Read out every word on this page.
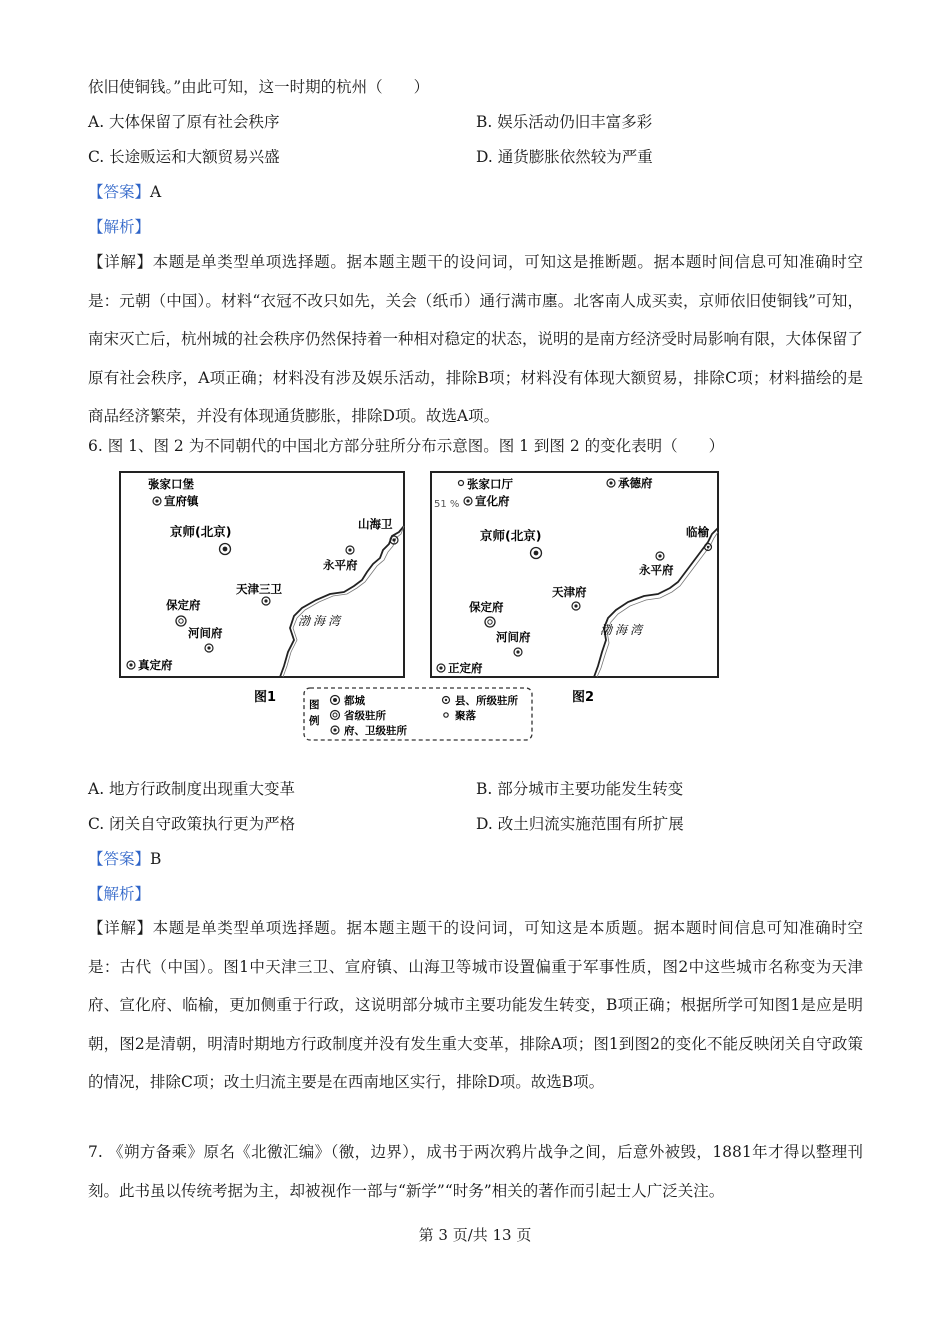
依旧使铜钱。”由此可知，这一时期的杭州（　　）
A. 大体保留了原有社会秩序	B. 娱乐活动仍旧丰富多彩
C. 长途贩运和大额贸易兴盛	D. 通货膨胀依然较为严重
【答案】A
【解析】
【详解】本题是单类型单项选择题。据本题主题干的设问词，可知这是推断题。据本题时间信息可知准确时空是：元朝（中国）。材料“衣冠不改只如先，关会（纸币）通行满市廛。北客南人成买卖，京师依旧使铜钱”可知，南宋灭亡后，杭州城的社会秩序仍然保持着一种相对稳定的状态，说明的是南方经济受时局影响有限，大体保留了原有社会秩序，A项正确；材料没有涉及娱乐活动，排除B项；材料没有体现大额贸易，排除C项；材料描绘的是商品经济繁荣，并没有体现通货膨胀，排除D项。故选A项。
6. 图 1、图 2 为不同朝代的中国北方部分驻所分布示意图。图 1 到图 2 的变化表明（　　）
张家口堡
宣府镇
京师(北京)	山海卫
永平府
天津三卫
保定府
河间府
真定府
渤海湾
51 %
张家口厅
宣化府
承德府
京师(北京)	临榆
永平府
天津府
保定府
河间府
正定府
渤海湾
图1	图2
图
例
都城
省级驻所
府、卫级驻所
县、所级驻所
聚落
A. 地方行政制度出现重大变革	B. 部分城市主要功能发生转变
C. 闭关自守政策执行更为严格	D. 改土归流实施范围有所扩展
【答案】B
【解析】
【详解】本题是单类型单项选择题。据本题主题干的设问词，可知这是本质题。据本题时间信息可知准确时空是：古代（中国）。图1中天津三卫、宣府镇、山海卫等城市设置偏重于军事性质，图2中这些城市名称变为天津府、宣化府、临榆，更加侧重于行政，这说明部分城市主要功能发生转变，B项正确；根据所学可知图1是应是明朝，图2是清朝，明清时期地方行政制度并没有发生重大变革，排除A项；图1到图2的变化不能反映闭关自守政策的情况，排除C项；改土归流主要是在西南地区实行，排除D项。故选B项。
7. 《朔方备乘》原名《北徼汇编》（徼，边界），成书于两次鸦片战争之间，后意外被毁，1881年才得以整理刊刻。此书虽以传统考据为主，却被视作一部与“新学”“时务”相关的著作而引起士人广泛关注。
第 3 页/共 13 页
